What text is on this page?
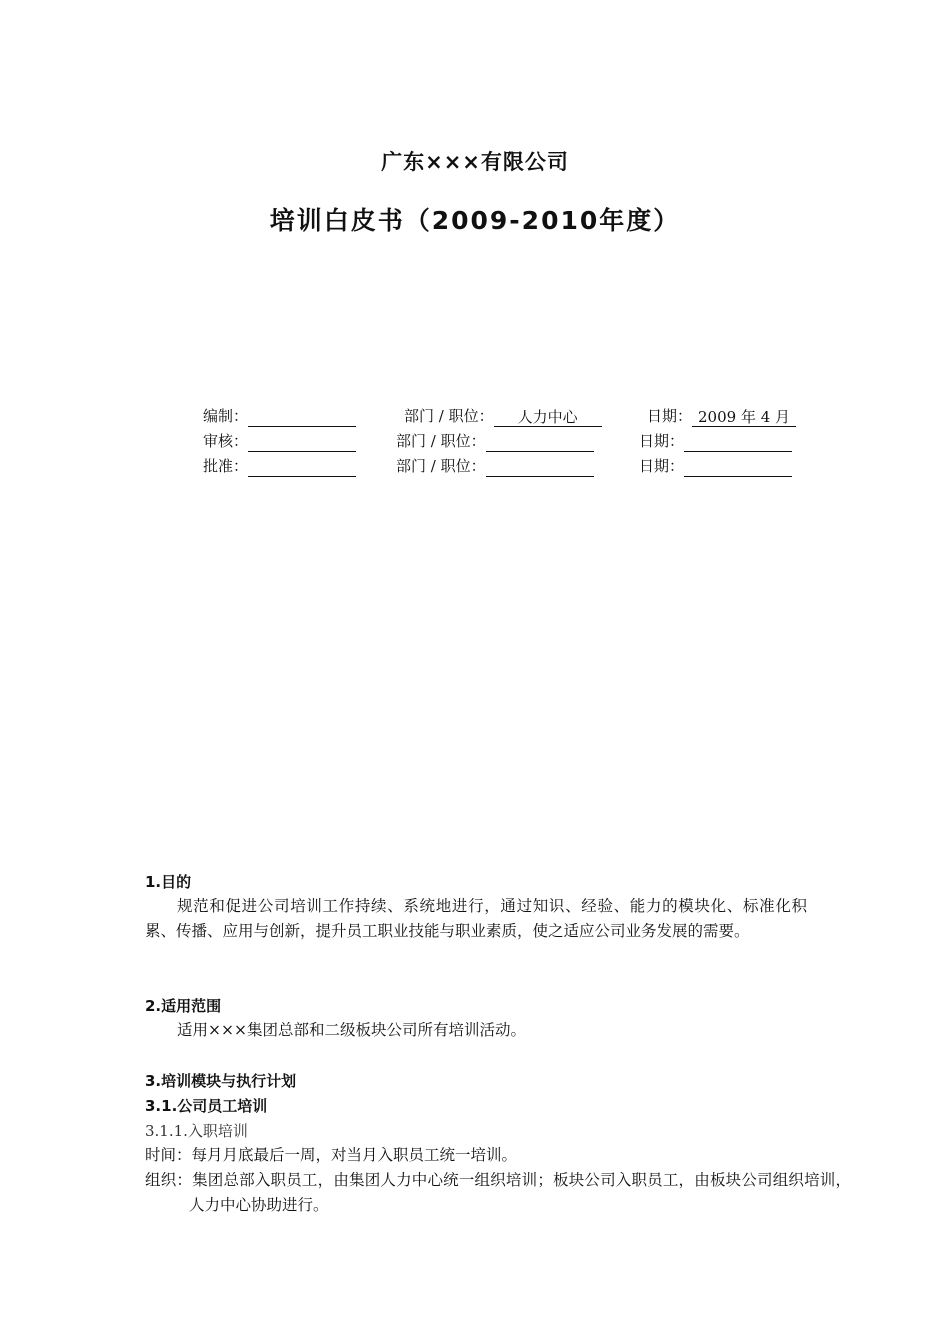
广东×××有限公司
培训白皮书（2009-2010年度）
编制：	部门 / 职位： 人力中心	日期： 2009 年 4 月
审核：	部门 / 职位：	日期：
批准：	部门 / 职位：	日期：
1.目的
规范和促进公司培训工作持续、系统地进行，通过知识、经验、能力的模块化、标准化积累、传播、应用与创新，提升员工职业技能与职业素质，使之适应公司业务发展的需要。
2.适用范围
适用×××集团总部和二级板块公司所有培训活动。
3.培训模块与执行计划
3.1.公司员工培训
3.1.1.入职培训
时间：每月月底最后一周，对当月入职员工统一培训。
组织：集团总部入职员工，由集团人力中心统一组织培训；板块公司入职员工，由板块公司组织培训，人力中心协助进行。
